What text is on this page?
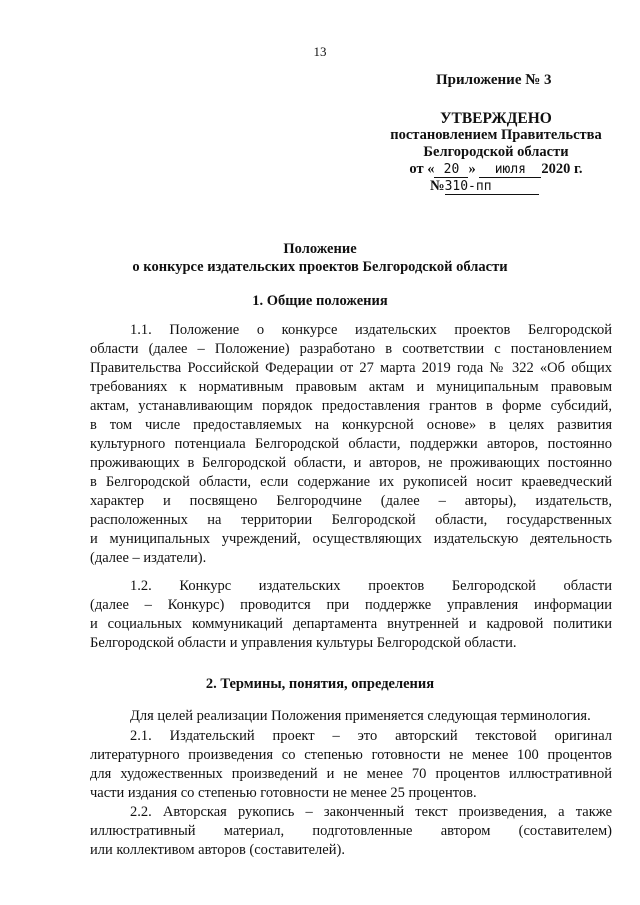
13
Приложение № 3
УТВЕРЖДЕНО
постановлением Правительства
Белгородской области
от « 20 » июля 2020 г.
№310-пп
Положение
о конкурсе издательских проектов Белгородской области
1. Общие положения
1.1. Положение о конкурсе издательских проектов Белгородской
области (далее – Положение) разработано в соответствии с постановлением
Правительства Российской Федерации от 27 марта 2019 года № 322 «Об общих
требованиях к нормативным правовым актам и муниципальным правовым
актам, устанавливающим порядок предоставления грантов в форме субсидий,
в том числе предоставляемых на конкурсной основе» в целях развития
культурного потенциала Белгородской области, поддержки авторов, постоянно
проживающих в Белгородской области, и авторов, не проживающих постоянно
в Белгородской области, если содержание их рукописей носит краеведческий
характер и посвящено Белгородчине (далее – авторы), издательств,
расположенных на территории Белгородской области, государственных
и муниципальных учреждений, осуществляющих издательскую деятельность
(далее – издатели).
1.2. Конкурс издательских проектов Белгородской области
(далее – Конкурс) проводится при поддержке управления информации
и социальных коммуникаций департамента внутренней и кадровой политики
Белгородской области и управления культуры Белгородской области.
2. Термины, понятия, определения
Для целей реализации Положения применяется следующая терминология.
2.1. Издательский проект – это авторский текстовой оригинал
литературного произведения со степенью готовности не менее 100 процентов
для художественных произведений и не менее 70 процентов иллюстративной
части издания со степенью готовности не менее 25 процентов.
2.2. Авторская рукопись – законченный текст произведения, а также
иллюстративный материал, подготовленные автором (составителем)
или коллективом авторов (составителей).
